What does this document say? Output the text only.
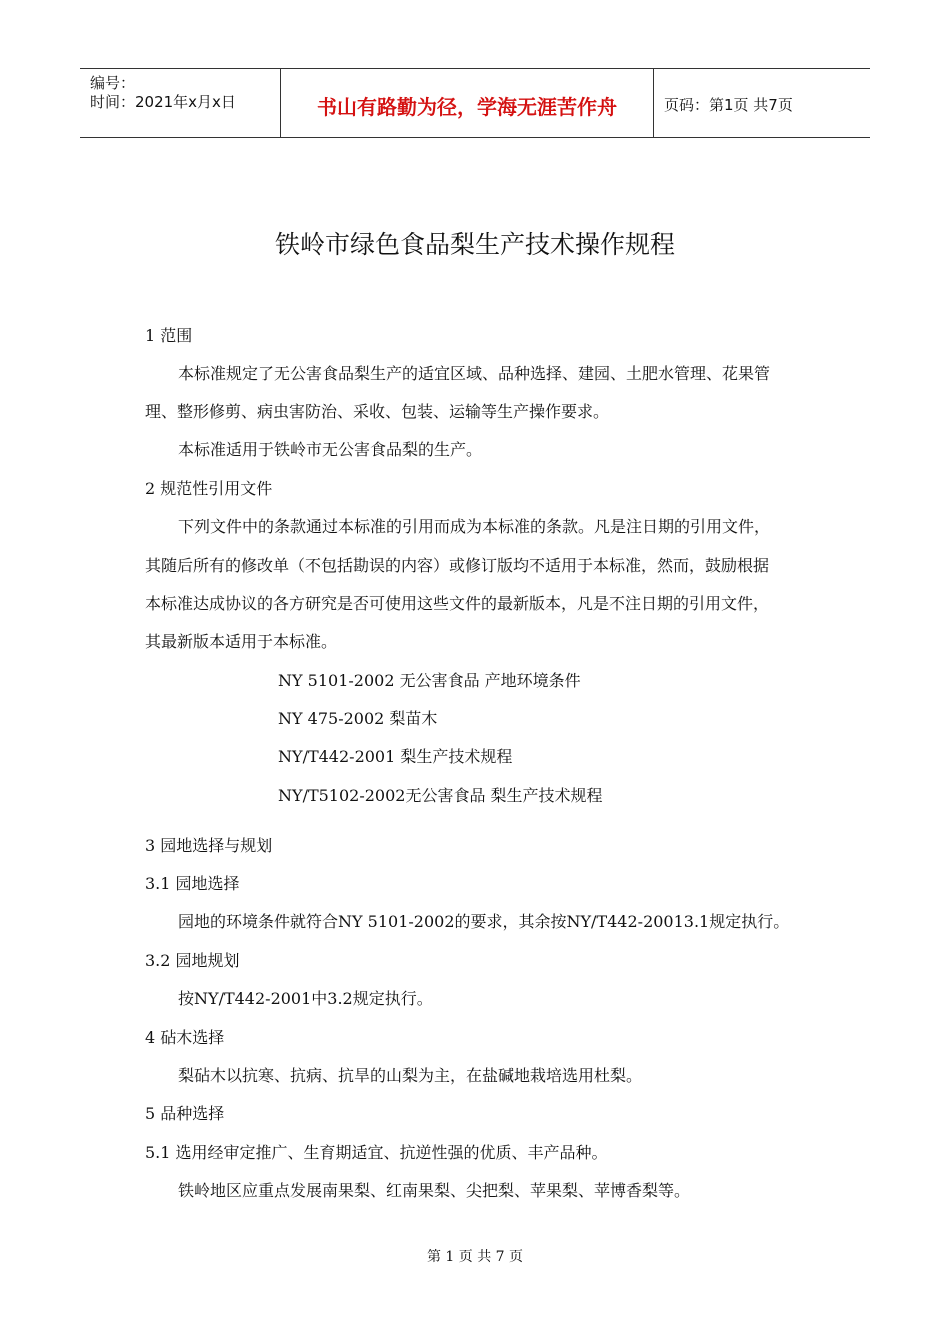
编号：
时间：2021年x月x日	书山有路勤为径，学海无涯苦作舟	页码：第1页 共7页
铁岭市绿色食品梨生产技术操作规程
1 范围
本标准规定了无公害食品梨生产的适宜区域、品种选择、建园、土肥水管理、花果管
理、整形修剪、病虫害防治、采收、包装、运输等生产操作要求。
本标准适用于铁岭市无公害食品梨的生产。
2 规范性引用文件
下列文件中的条款通过本标准的引用而成为本标准的条款。凡是注日期的引用文件，
其随后所有的修改单（不包括勘误的内容）或修订版均不适用于本标准，然而，鼓励根据
本标准达成协议的各方研究是否可使用这些文件的最新版本，凡是不注日期的引用文件，
其最新版本适用于本标准。
NY 5101-2002 无公害食品 产地环境条件
NY 475-2002 梨苗木
NY/T442-2001 梨生产技术规程
NY/T5102-2002无公害食品 梨生产技术规程
3 园地选择与规划
3.1 园地选择
园地的环境条件就符合NY 5101-2002的要求，其余按NY/T442-20013.1规定执行。
3.2 园地规划
按NY/T442-2001中3.2规定执行。
4 砧木选择
梨砧木以抗寒、抗病、抗旱的山梨为主，在盐碱地栽培选用杜梨。
5 品种选择
5.1 选用经审定推广、生育期适宜、抗逆性强的优质、丰产品种。
铁岭地区应重点发展南果梨、红南果梨、尖把梨、苹果梨、苹博香梨等。
第 1 页 共 7 页
